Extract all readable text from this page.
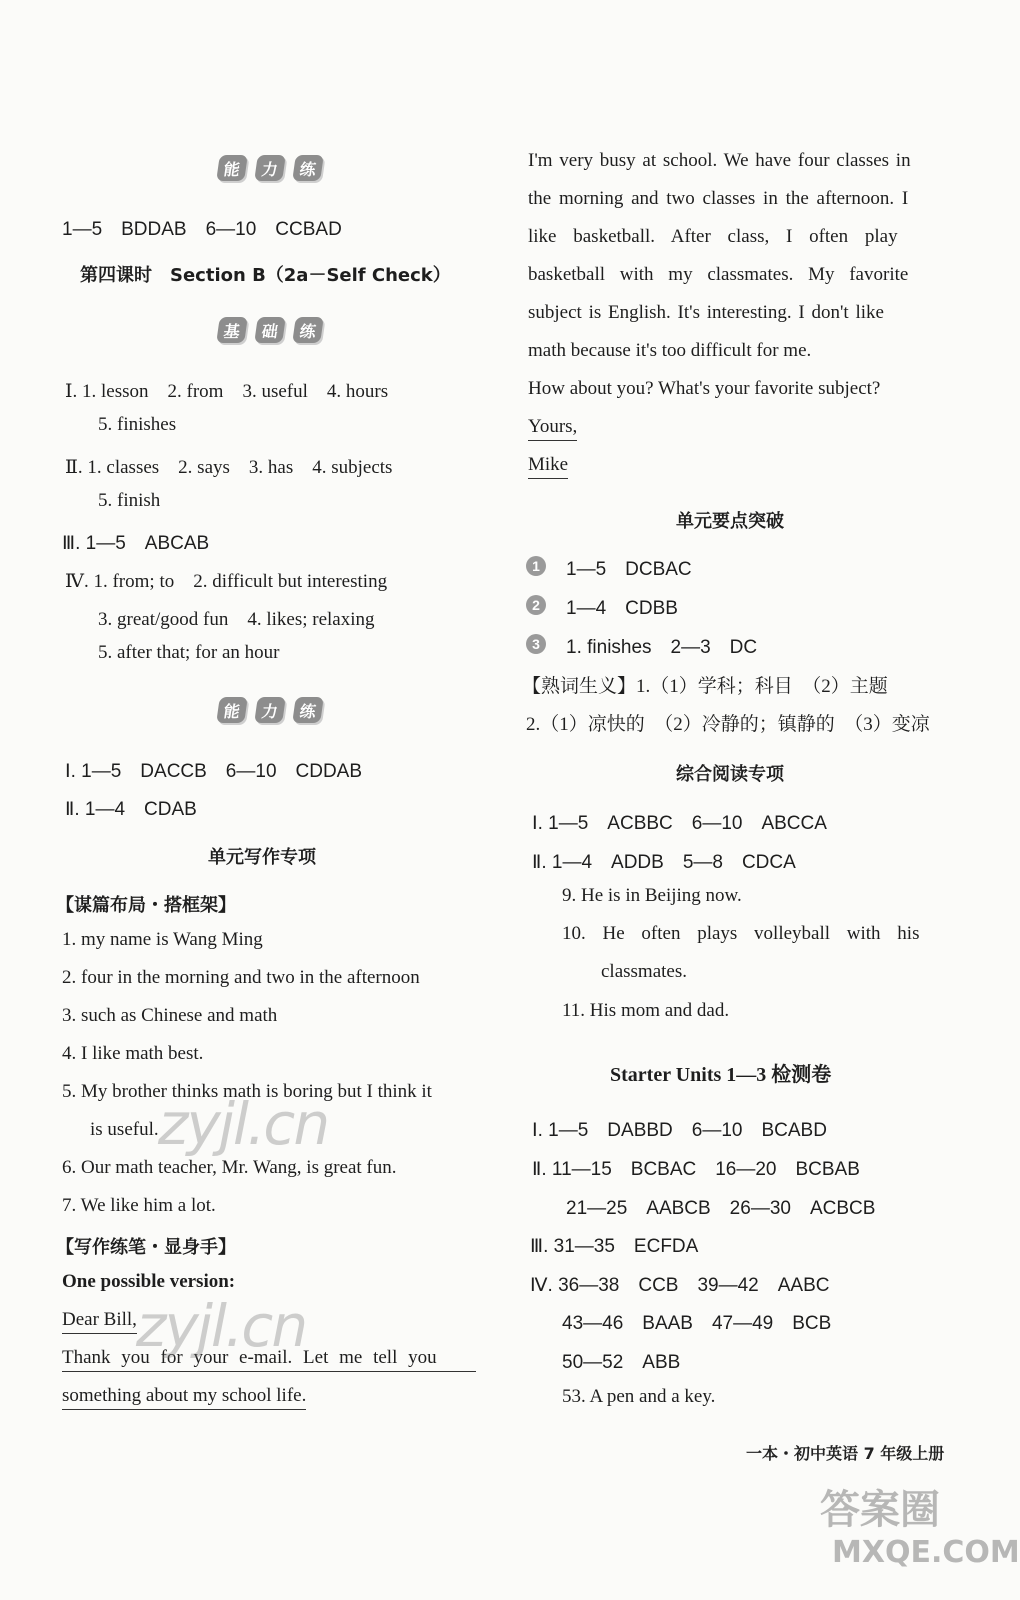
能	力	练
1—5　BDDAB　6—10　CCBAD
第四课时　Section B（2a－Self Check）
基	础	练
Ⅰ. 1. lesson　2. from　3. useful　4. hours
5. finishes
Ⅱ. 1. classes　2. says　3. has　4. subjects
5. finish
Ⅲ. 1—5　ABCAB
Ⅳ. 1. from; to　2. difficult but interesting
3. great/good fun　4. likes; relaxing
5. after that; for an hour
能	力	练
Ⅰ. 1—5　DACCB　6—10　CDDAB
Ⅱ. 1—4　CDAB
单元写作专项
【谋篇布局・搭框架】
1. my name is Wang Ming
2. four in the morning and two in the afternoon
3. such as Chinese and math
4. I like math best.
5. My brother thinks math is boring but I think it
is useful.
6. Our math teacher, Mr. Wang, is great fun.
7. We like him a lot.
【写作练笔・显身手】
One possible version:
Dear Bill,
Thank you for your e-mail. Let me tell you
something about my school life.
zyjl.cn
zyjl.cn
I'm very busy at school. We have four classes in
the morning and two classes in the afternoon. I
like basketball. After class, I often play
basketball with my classmates. My favorite
subject is English. It's interesting. I don't like
math because it's too difficult for me.
How about you? What's your favorite subject?
Yours,
Mike
单元要点突破
1	1—5　DCBAC
2	1—4　CDBB
3	1. finishes　2—3　DC
【熟词生义】1.（1）学科；科目　（2）主题
2.（1）凉快的　（2）冷静的；镇静的　（3）变凉
综合阅读专项
Ⅰ. 1—5　ACBBC　6—10　ABCCA
Ⅱ. 1—4　ADDB　5—8　CDCA
9. He is in Beijing now.
10. He often plays volleyball with his
classmates.
11. His mom and dad.
Starter Units 1—3 检测卷
Ⅰ. 1—5　DABBD　6—10　BCABD
Ⅱ. 11—15　BCBAC　16—20　BCBAB
21—25　AABCB　26—30　ACBCB
Ⅲ. 31—35　ECFDA
Ⅳ. 36—38　CCB　39—42　AABC
43—46　BAAB　47—49　BCB
50—52　ABB
53. A pen and a key.
一本・初中英语 7 年级上册
答案圈
MXQE.COM
